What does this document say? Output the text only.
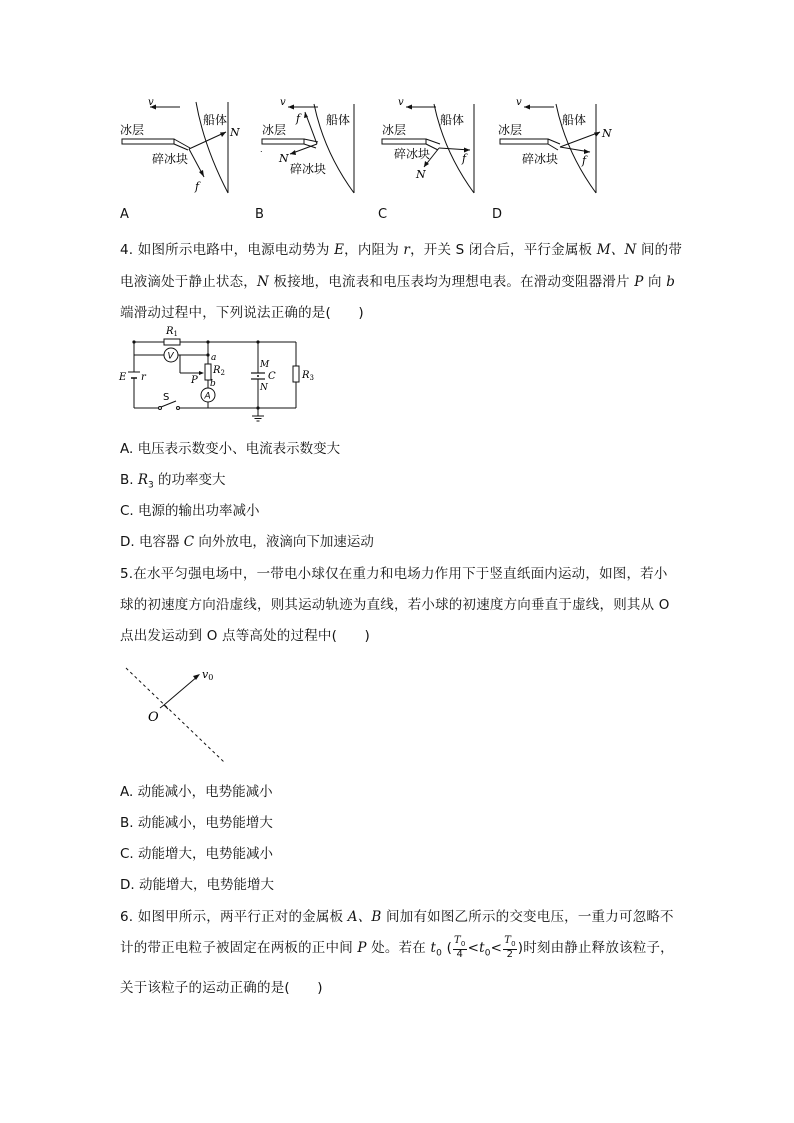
v
船体
冰层	N
f
碎冰块
A
v
船体
冰层
f
N
碎冰块
.
B
v
船体
冰层
f
N
碎冰块
C
v
船体
冰层	N
f
碎冰块
D
4. 如图所示电路中，电源电动势为 E，内阻为 r，开关 S 闭合后，平行金属板 M、N 间的带
电液滴处于静止状态，N 板接地，电流表和电压表均为理想电表。在滑动变阻器滑片 P 向 b
端滑动过程中，下列说法正确的是(　　)
E r
$R_1$
V	a
$R_2$
b
P
A
S
M
C
N
$R_3$
A. 电压表示数变小、电流表示数变大
B. $R_3$ 的功率变大
C. 电源的输出功率减小
D. 电容器 C 向外放电，液滴向下加速运动
5.在水平匀强电场中，一带电小球仅在重力和电场力作用下于竖直纸面内运动，如图，若小
球的初速度方向沿虚线，则其运动轨迹为直线，若小球的初速度方向垂直于虚线，则其从 O
点出发运动到 O 点等高处的过程中(　　)
v0
O
A. 动能减小，电势能减小
B. 动能减小，电势能增大
C. 动能增大，电势能减小
D. 动能增大，电势能增大
6. 如图甲所示，两平行正对的金属板 A、B 间加有如图乙所示的交变电压，一重力可忽略不
计的带正电粒子被固定在两板的正中间 P 处。若在 $t_0$ ( $\frac{T_0}{4} <t_0< \frac{T_0}{2}$ )时刻由静止释放该粒子，
关于该粒子的运动正确的是(　　)
